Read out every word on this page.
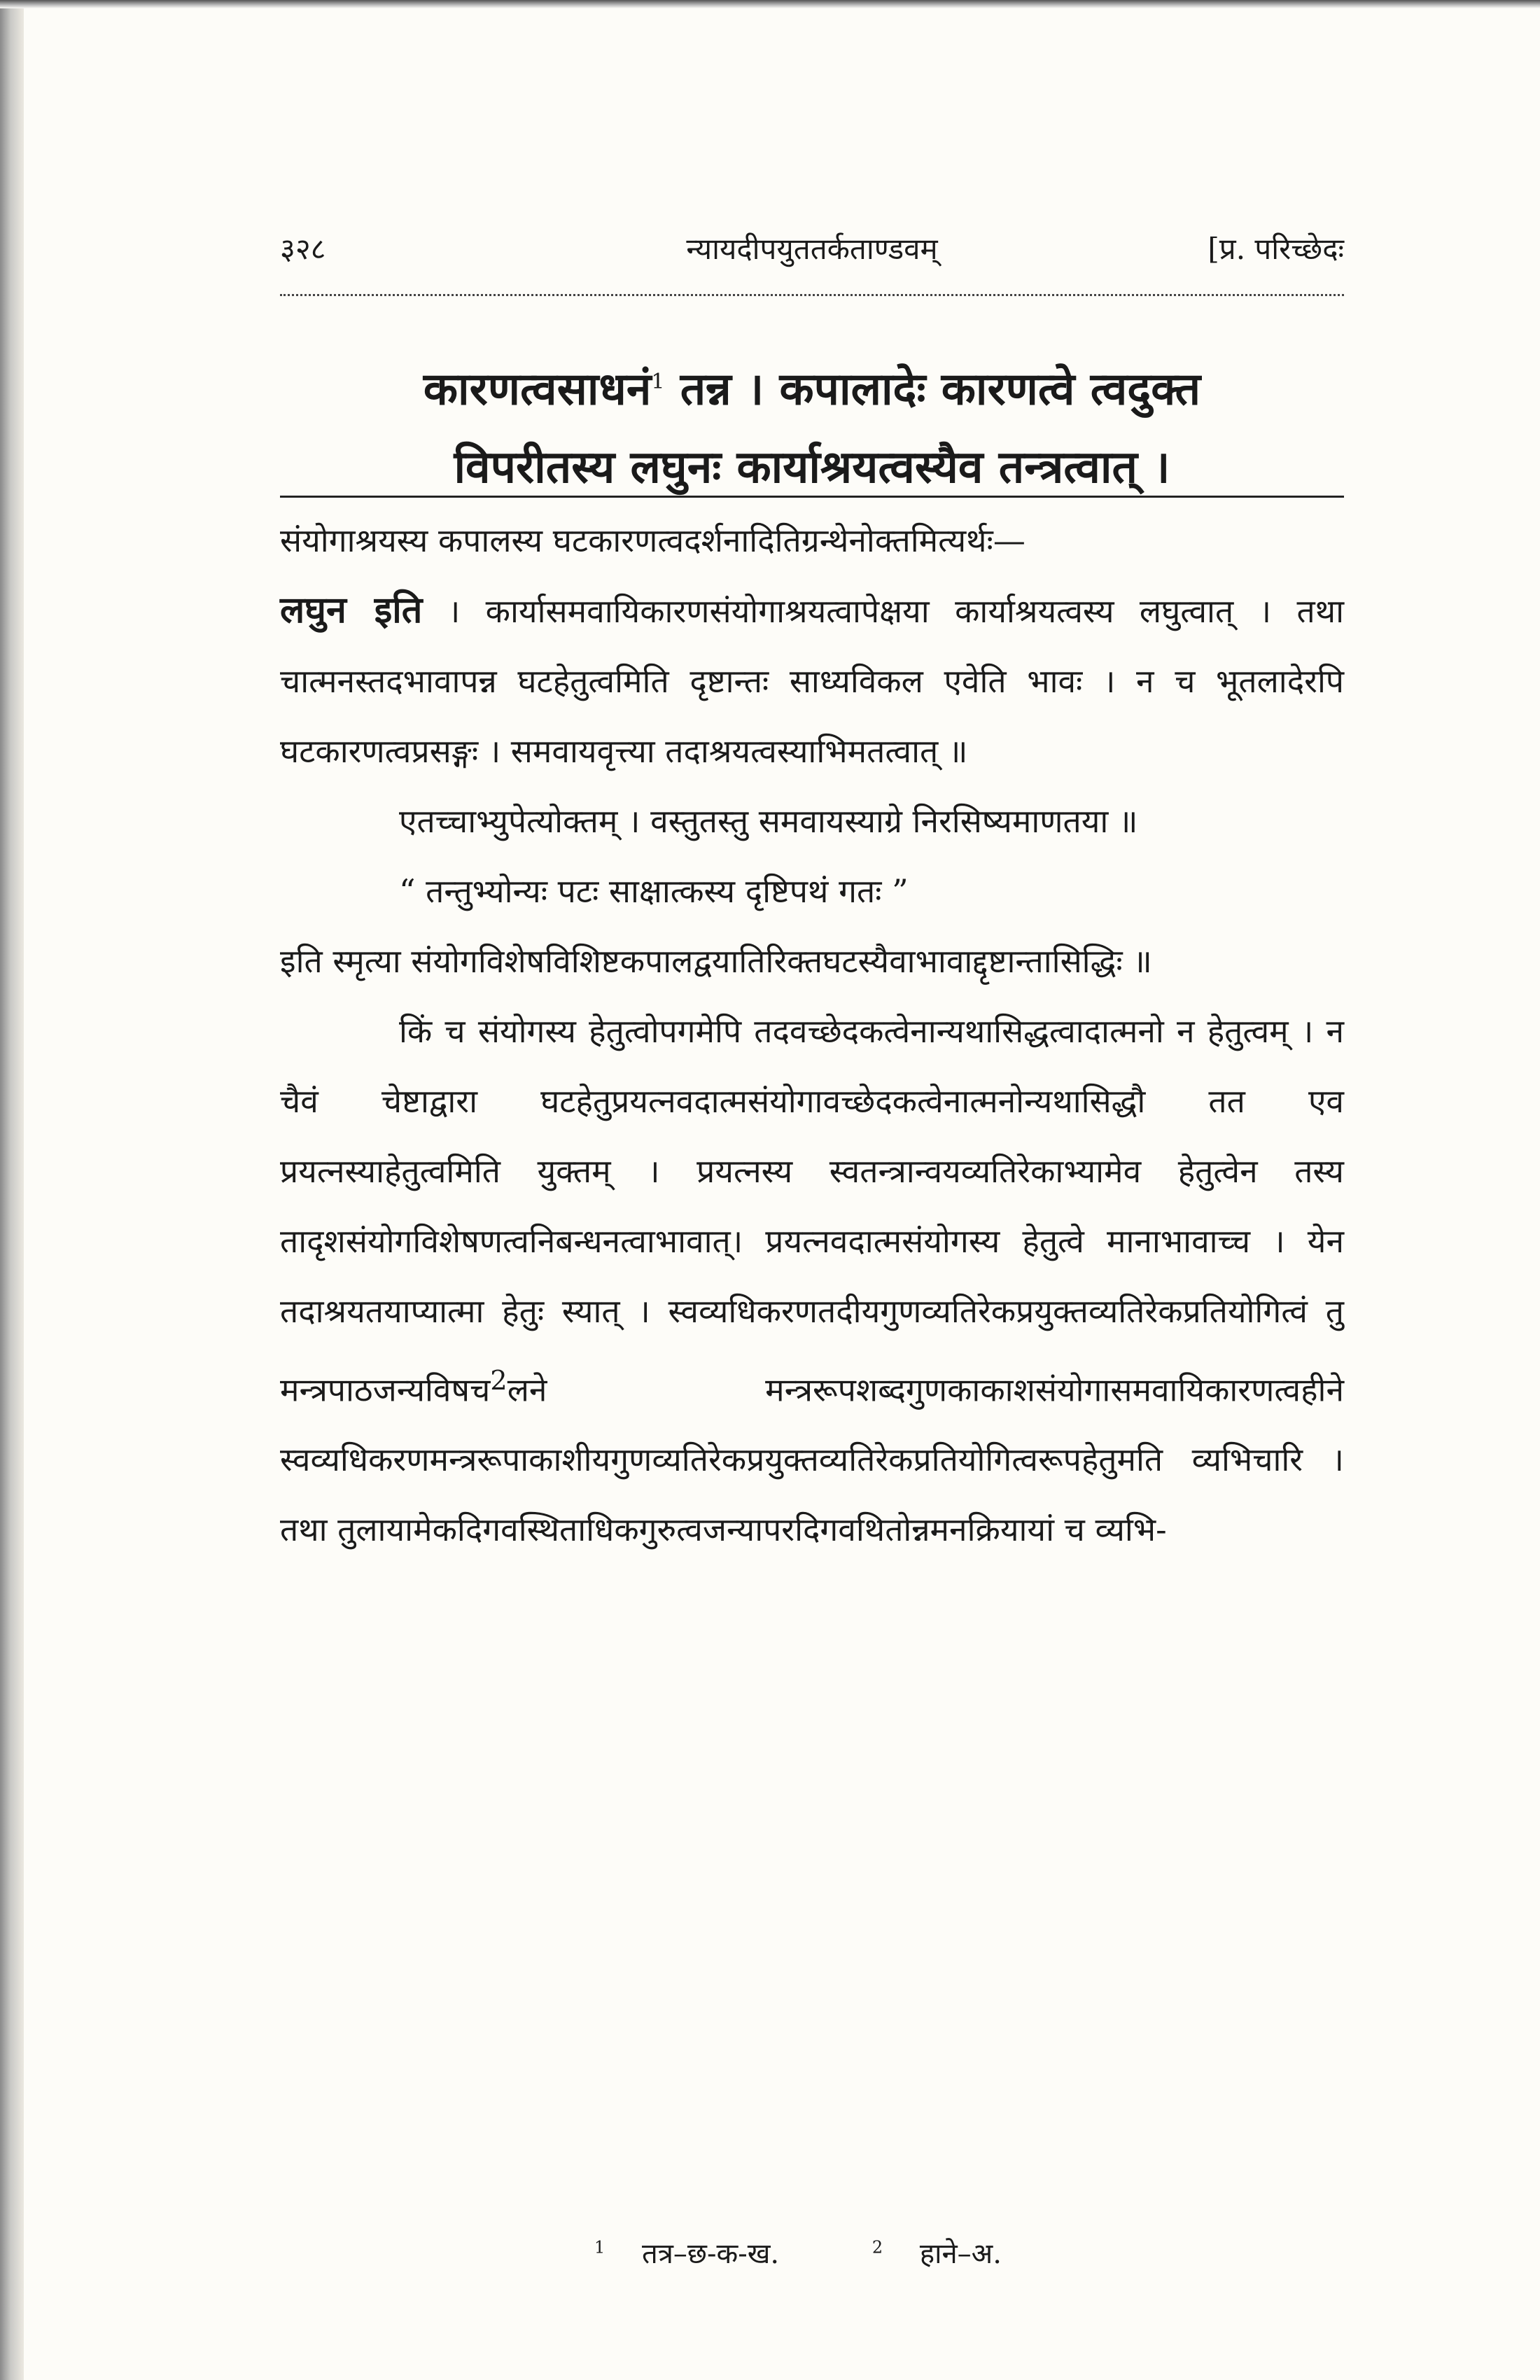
३२८	न्यायदीपयुततर्कताण्डवम्	[प्र. परिच्छेदः
कारणत्वसाधनं$^1$ तन्न । कपालादेः कारणत्वे त्वदुक्त
विपरीतस्य लघुनः कार्याश्रयत्वस्यैव तन्त्रत्वात् ।

संयोगाश्रयस्य कपालस्य घटकारणत्वदर्शनादितिग्रन्थेनोक्तमित्यर्थः—
लघुन इति । कार्यासमवायिकारणसंयोगाश्रयत्वापेक्षया कार्याश्रयत्वस्य लघुत्वात् । तथा चात्मनस्तदभावापन्न घटहेतुत्वमिति दृष्टान्तः साध्यविकल एवेति भावः । न च भूतलादेरपि घटकारणत्वप्रसङ्गः । समवायवृत्त्या तदाश्रयत्वस्याभिमतत्वात् ॥

एतच्चाभ्युपेत्योक्तम् । वस्तुतस्तु समवायस्याग्रे निरसिष्यमाणतया ॥

“ तन्तुभ्योन्यः पटः साक्षात्कस्य दृष्टिपथं गतः ”

इति स्मृत्या संयोगविशेषविशिष्टकपालद्वयातिरिक्तघटस्यैवाभावाद्दृष्टान्तासिद्धिः ॥

किं च संयोगस्य हेतुत्वोपगमेपि तदवच्छेदकत्वेनान्यथासिद्धत्वादात्मनो न हेतुत्वम् । न चैवं चेष्टाद्वारा घटहेतुप्रयत्नवदात्मसंयोगावच्छेदकत्वेनात्मनोन्यथासिद्धौ तत एव प्रयत्नस्याहेतुत्वमिति युक्तम् । प्रयत्नस्य स्वतन्त्रान्वयव्यतिरेकाभ्यामेव हेतुत्वेन तस्य तादृशसंयोगविशेषणत्वनिबन्धनत्वाभावात्। प्रयत्नवदात्मसंयोगस्य हेतुत्वे मानाभावाच्च । येन तदाश्रयतयाप्यात्मा हेतुः स्यात् । स्वव्यधिकरणतदीयगुणव्यतिरेकप्रयुक्तव्यतिरेकप्रतियोगित्वं तु मन्त्रपाठजन्यविषच$^2$लने मन्त्ररूपशब्दगुणकाकाशसंयोगासमवायिकारणत्वहीने स्वव्यधिकरणमन्त्ररूपाकाशीयगुणव्यतिरेकप्रयुक्तव्यतिरेकप्रतियोगित्वरूपहेतुमति व्यभिचारि । तथा तुलायामेकदिगवस्थिताधिकगुरुत्वजन्यापरदिगवथितोन्नमनक्रियायां च व्यभि-

$^1$ तत्र–छ-क-ख.	$^2$ हाने–अ.
